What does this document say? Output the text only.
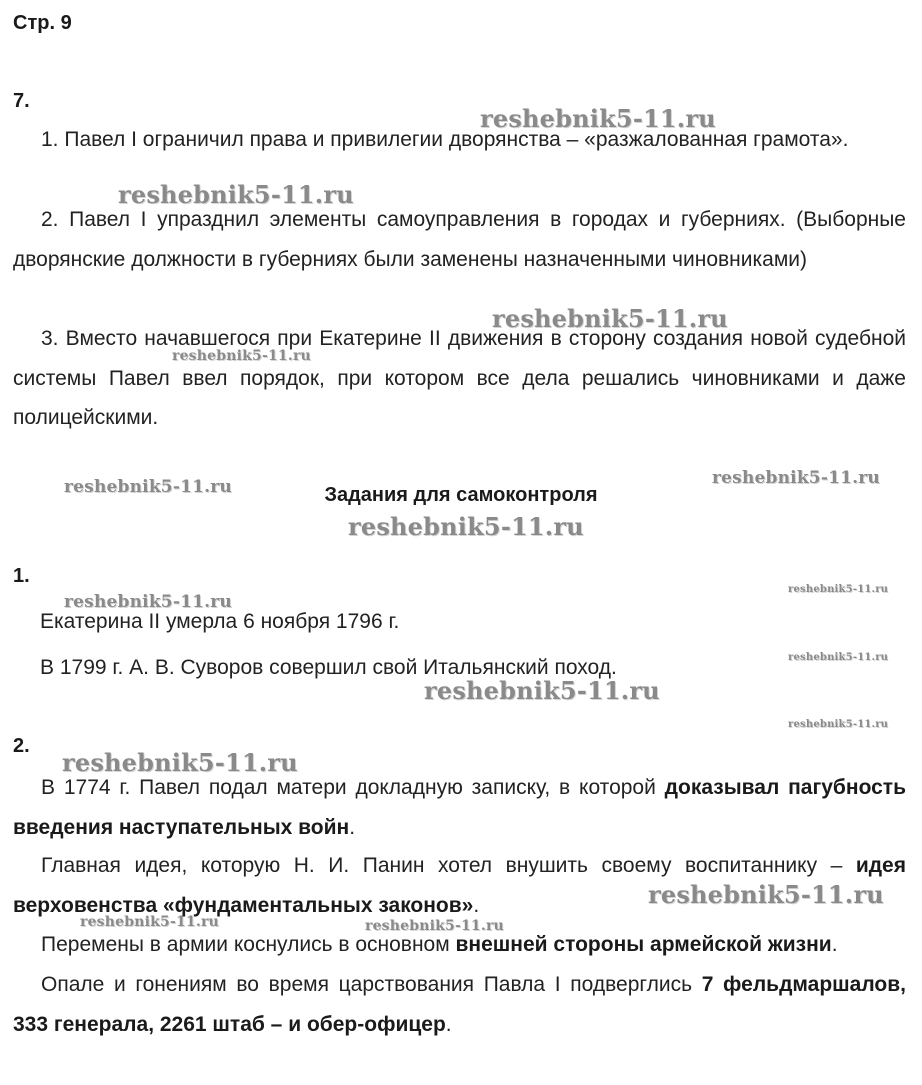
Стр. 9
7.

1. Павел I ограничил права и привилегии дворянства – «разжалованная грамота».

2. Павел I упразднил элементы самоуправления в городах и губерниях. (Выборные дворянские должности в губерниях были заменены назначенными чиновниками)

3. Вместо начавшегося при Екатерине II движения в сторону создания новой судебной системы Павел ввел порядок, при котором все дела решались чиновниками и даже полицейскими.

Задания для самоконтроля
1.
Екатерина II умерла 6 ноября 1796 г.
В 1799 г. А. В. Суворов совершил свой Итальянский поход.
2.

В 1774 г. Павел подал матери докладную записку, в которой доказывал пагубность введения наступательных войн.

Главная идея, которую Н. И. Панин хотел внушить своему воспитаннику – идея верховенства «фундаментальных законов».

Перемены в армии коснулись в основном внешней стороны армейской жизни.

Опале и гонениям во время царствования Павла I подверглись 7 фельдмаршалов, 333 генерала, 2261 штаб – и обер-офицер.

reshebnik5-11.ru
reshebnik5-11.ru
reshebnik5-11.ru
reshebnik5-11.ru
reshebnik5-11.ru
reshebnik5-11.ru
reshebnik5-11.ru
reshebnik5-11.ru
reshebnik5-11.ru
reshebnik5-11.ru
reshebnik5-11.ru
reshebnik5-11.ru
reshebnik5-11.ru
reshebnik5-11.ru
reshebnik5-11.ru	reshebnik5-11.ru
